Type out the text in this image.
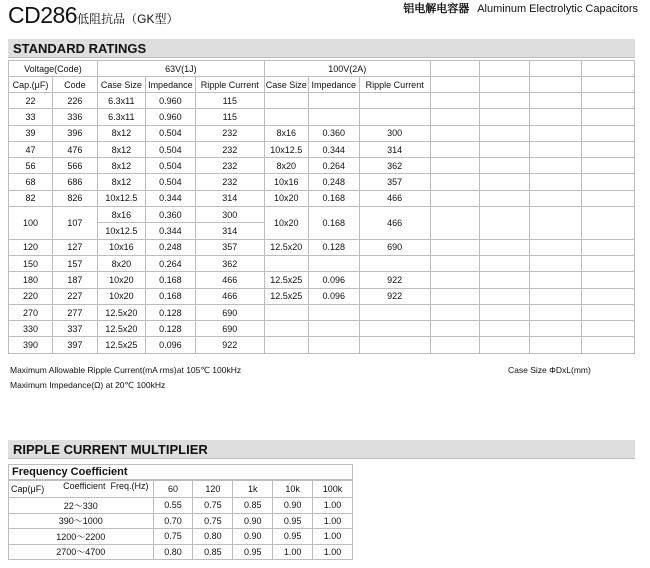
CD286低阻抗品（GK型）
铝电解电容器 Aluminum Electrolytic Capacitors
STANDARD RATINGS
Voltage(Code)		63V(1J)			100V(2A)						
Cap.(μF)	Code	Case Size	Impedance	Ripple Current	Case Size	Impedance	Ripple Current				
22	226	6.3x11	0.960	115							
33	336	6.3x11	0.960	115							
39	396	8x12	0.504	232	8x16	0.360	300				
47	476	8x12	0.504	232	10x12.5	0.344	314				
56	566	8x12	0.504	232	8x20	0.264	362				
68	686	8x12	0.504	232	10x16	0.248	357				
82	826	10x12.5	0.344	314	10x20	0.168	466				
100	107	8x16	0.360	300	10x20	0.168	466				
		10x12.5	0.344	314							
120	127	10x16	0.248	357	12.5x20	0.128	690				
150	157	8x20	0.264	362							
180	187	10x20	0.168	466	12.5x25	0.096	922				
220	227	10x20	0.168	466	12.5x25	0.096	922				
270	277	12.5x20	0.128	690							
330	337	12.5x20	0.128	690							
390	397	12.5x25	0.096	922							
Maximum Allowable Ripple Current(mA rms)at 105℃ 100kHz
Maximum Impedance(Ω) at 20℃ 100kHz
Case Size ΦDxL(mm)
RIPPLE CURRENT MULTIPLIER
Frequency Coefficient
Cap(μF) Coefficient Freq.(Hz)	60	120	1k	10k	100k
22～330	0.55	0.75	0.85	0.90	1.00
390～1000	0.70	0.75	0.90	0.95	1.00
1200～2200	0.75	0.80	0.90	0.95	1.00
2700～4700	0.80	0.85	0.95	1.00	1.00
